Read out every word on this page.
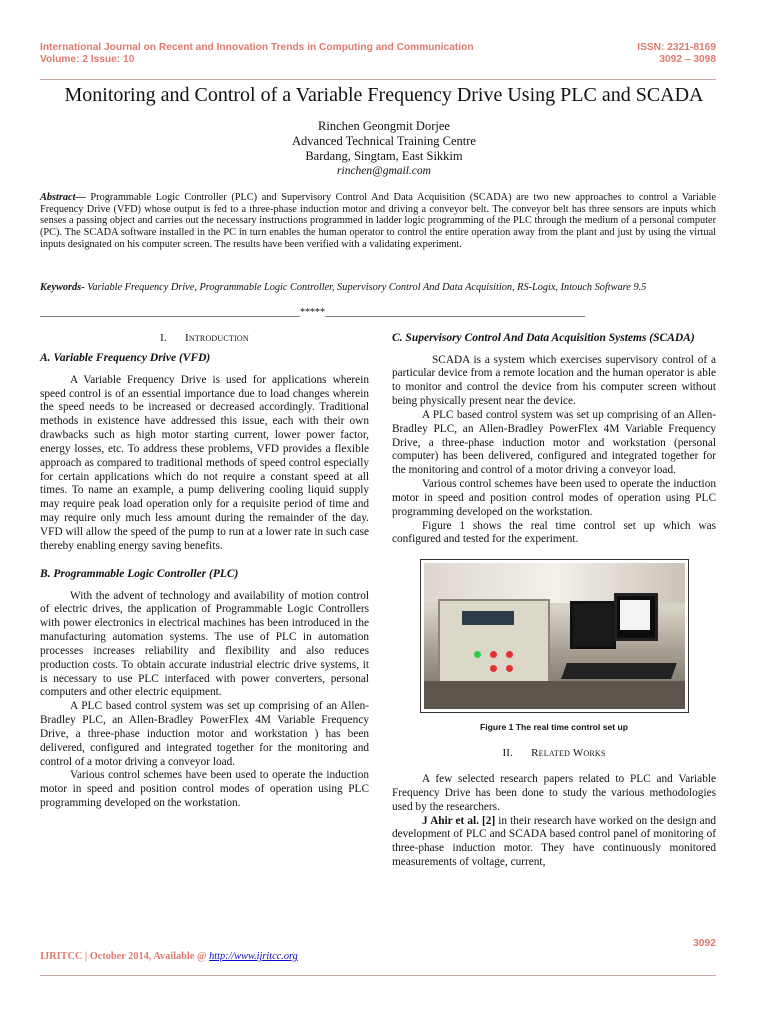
International Journal on Recent and Innovation Trends in Computing and Communication
Volume: 2 Issue: 10
ISSN: 2321-8169
3092 – 3098
Monitoring and Control of a Variable Frequency Drive Using PLC and SCADA
Rinchen Geongmit Dorjee
Advanced Technical Training Centre
Bardang, Singtam, East Sikkim
rinchen@gmail.com
Abstract— Programmable Logic Controller (PLC) and Supervisory Control And Data Acquisition (SCADA) are two new approaches to control a Variable Frequency Drive (VFD) whose output is fed to a three-phase induction motor and driving a conveyor belt. The conveyor belt has three sensors are inputs which senses a passing object and carries out the necessary instructions programmed in ladder logic programming of the PLC through the medium of a personal computer (PC). The SCADA software installed in the PC in turn enables the human operator to control the entire operation away from the plant and just by using the virtual inputs designated on his computer screen. The results have been verified with a validating experiment.
Keywords- Variable Frequency Drive, Programmable Logic Controller, Supervisory Control And Data Acquisition, RS-Logix, Intouch Software 9.5
____________________________________________________*****____________________________________________________
I. Introduction
A. Variable Frequency Drive (VFD)

A Variable Frequency Drive is used for applications wherein speed control is of an essential importance due to load changes wherein the speed needs to be increased or decreased accordingly. Traditional methods in existence have addressed this issue, each with their own drawbacks such as high motor starting current, lower power factor, energy losses, etc. To address these problems, VFD provides a flexible approach as compared to traditional methods of speed control especially for certain applications which do not require a constant speed at all times. To name an example, a pump delivering cooling liquid supply may require peak load operation only for a requisite period of time and may require only much less amount during the remainder of the day. VFD will allow the speed of the pump to run at a lower rate in such case thereby enabling energy saving benefits.

B. Programmable Logic Controller (PLC)

With the advent of technology and availability of motion control of electric drives, the application of Programmable Logic Controllers with power electronics in electrical machines has been introduced in the manufacturing automation systems. The use of PLC in automation processes increases reliability and flexibility and also reduces production costs. To obtain accurate industrial electric drive systems, it is necessary to use PLC interfaced with power converters, personal computers and other electric equipment.

A PLC based control system was set up comprising of an Allen-Bradley PLC, an Allen-Bradley PowerFlex 4M Variable Frequency Drive, a three-phase induction motor and workstation ) has been delivered, configured and integrated together for the monitoring and control of a motor driving a conveyor load.

Various control schemes have been used to operate the induction motor in speed and position control modes of operation using PLC programming developed on the workstation.

C. Supervisory Control And Data Acquisition Systems (SCADA)

SCADA is a system which exercises supervisory control of a particular device from a remote location and the human operator is able to monitor and control the device from his computer screen without being physically present near the device.

A PLC based control system was set up comprising of an Allen-Bradley PLC, an Allen-Bradley PowerFlex 4M Variable Frequency Drive, a three-phase induction motor and workstation (personal computer) has been delivered, configured and integrated together for the monitoring and control of a motor driving a conveyor load.

Various control schemes have been used to operate the induction motor in speed and position control modes of operation using PLC programming developed on the workstation.

Figure 1 shows the real time control set up which was configured and tested for the experiment.

Figure 1 The real time control set up
II. Related Works

A few selected research papers related to PLC and Variable Frequency Drive has been done to study the various methodologies used by the researchers.

J Ahir et al. [2] in their research have worked on the design and development of PLC and SCADA based control panel of monitoring of three-phase induction motor. They have continuously monitored measurements of voltage, current,

3092
IJRITCC | October 2014, Available @ http://www.ijritcc.org
